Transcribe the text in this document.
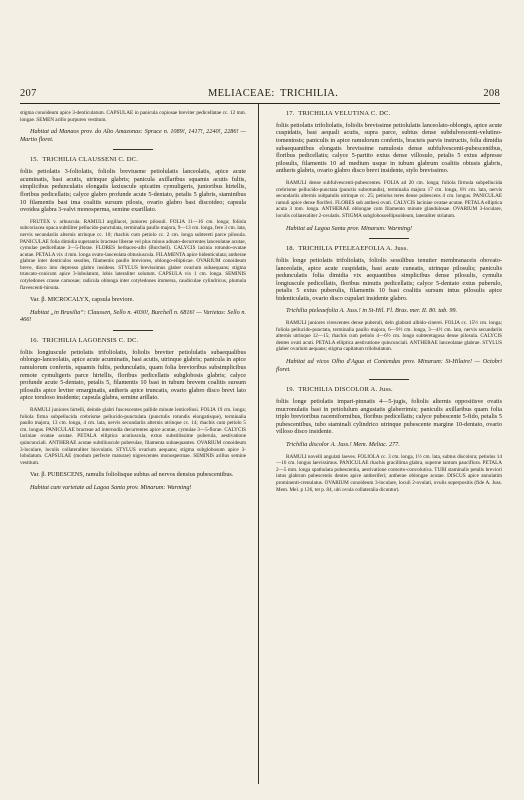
207	MELIACEAE: TRICHILIA.	208

stigma conoideum apice 3-denticulatum. CAPSULAE in panicula copiosae breviter pedicellatae cc. 12 mm. longae. SEMEN arillo purpureo vestitum.

Habitat ad Manaos prov. do Alto Amazonas: Spruce n. 1089!, 1417!, 2240!, 2286! — Martio floret.

15. TRICHILIA CLAUSSENI C. DC.

foliis petiolatis 3-foliolatis, foliolis breviusme petiolulatis lanceolatis, apice acute acuminatis, basi acutis, utrinque glabris; panicula axillaribus squamis acutis fultis, simplicibus pedunculatis elongatis laxiuscule spicatim cymuligeris, junioribus hirtellis, floribus pedicellatis; calyce glabro profunde acute 5-dentato, petalis 5 glabris, staminibus 10 filamentis basi ima coalitis sursum pilosis, ovario glabro basi discoideo; capsula ovoidea glabra 3-valvi monosperma, semine exarillato.

FRUTEX v. arbuscula. RAMULI argillacei, juniores pilosuli. FOLIA 11—16 cm. longa; foliola subcoriacea opaca subtiliter pellucido-punctulata, terminalia paullo majora, 9—13 cm. longa, fere 3 cm. lata, nervis secundariis alternis utrinque cc. 10; rhachis cum petiolo cc. 2 cm. longa subtereti parce pilosula. PANICULAE folia dimidia superantis bracteae liberae vel plus minus adnato-decurrentes lanceolatae acutae, cymulae pedicellatae 3—5-florae. FLORES herbaceo-albi (Burchell). CALYCIS lacinia rotundo-ovatae acutae. PETALA vix 4 mm. longa ovato-lanceolata obtusiuscula. FILAMENTA apice bidenticulata; antherae glabrae inter denticulos sessiles, filamentis paullo breviores, oblongo-ellipticae. OVARIUM conoideum breve, disco into depresso glabro insidens. STYLUS brevissimus glaber ovarium subaequans; stigma truncato-conicum apice 3-lobulatum, lobis lateraliter solutum. CAPSULA vix 1 cm. longa. SEMINIS cotyledones crasse carnosae; radicula oblonga inter cotyledones immersa, caudiculae cylindricus, plumula flavescenti-hirsuta.

Var. β. MICROCALYX, capsula breviore.

Habitat „in Brasilia“: Claussen, Sello n. 4030!, Burchell n. 6816! — Varietas: Sello n. 466!

16. TRICHILIA LAGOENSIS C. DC.

foliis longiuscule petiolatis trifoliolatis, foliolis breviter petiolulatis subaequalibus oblongo-lanceolatis, apice acute acuminatis, basi acutis, utrinque glabris; panicula in apice ramulorum confertis, squamis fultis, pedunculatis, quam folia brevioribus subsimplicibus remote cymuligeris parce hirtellis, floribus pedicellatis subglobosis glabris; calyce profunde acute 5-dentato, petalis 5, filamentis 10 basi in tubum brevem coalitis sursum pilosulis apice leviter emarginatis, antheris apice truncatis, ovario glabro disco brevi lato apice toruloso insidente; capsula glabra, semine arillato.

RAMULI juniores hirtelli, deinde glabri fuscescentes pallide minute lenticellosi. FOLIA 19 cm. longa; foliola firma subpellucida crebrisme pellucido-punctulata (punctulis rotundis elongatisque), terminalia paullo majora, 13 cm. longa, 4 cm. lata, nervis secundariis alternis utrinque cc. 14; rhachis cum petiolo 5 cm. longus. PANICULAE bracteae ad internodia decurrentes apice acutae, cymulae 3—5-florae. CALYCIS laciniae ovatae acutae. PETALA elliptica acutiuscula, extus substilissime puberula, aestivatione quincunciali. ANTHERAE acutae subtiliuscule puberulae, filamenta subaequantes. OVARIUM conoideum 3-loculare, loculis collateraliter biovulatis. STYLUS ovarium aequans; stigma subglobosum apice 3-lobulatum. CAPSULAE (modum perfecte maturae) nigrescentes monospermae. SEMINIS arillus semine vestitum.

Var. β. PUBESCENS, ramulis foliolisque subtus ad nervos densius pubescentibus.

Habitat cum varietate ad Lagoa Santa prov. Minarum: Warming!

17. TRICHILIA VELUTINA C. DC.

foliis petiolatis trifoliolatis, foliolis brevissime petiolulatis lanceolato-oblongis, apice acute cuspidatis, basi aequali acutis, supra parce, subtus dense subdulvescenti-velutino-tomentosis; paniculis in apice ramulorum confertis, bracteis parvis instructis, folia dimidia subaequantibus elongatis brevissime ramulosis dense subfulvescenti-pubescentibus, floribus pedicellatis; calyce 5-partito extus dense villosulo, petalis 5 extus adpresse pilosulis, filamentis 10 ad medium usque in tubum glabrum coalitis obtusis glabris, antheris glabris, ovario glabro disco brevi insidente, stylo brevissimo.

RAMULI dense subfulvescenti-pubescentes. FOLIA ad 20 cm. longa; foliola firmula subpellucida crebrisme pellucido-punctata (punctis subrotundis), terminalia majora 17 cm. longa, 6½ cm. lata, nervis secundariis alternis subpatulis utrinque cc. 25; petiolus teres dense pubescens 4 cm. longus. PANICULAE ramuli apice dense floriferi. FLORES sub anthesi ovati. CALYCIS laciniae ovatae acutae. PETALA elliptica acuta 3 mm. longa. ANTHERAE oblongae cum filamento minute glandulosae. OVARIUM 3-loculare, loculis collateraliter 2-ovulatis. STIGMA subglobosoellipsoideum, lateraliter striatum.

Habitat ad Lagoa Santa prov. Minarum: Warming!

18. TRICHILIA PTELEAEFOLIA A. Juss.

foliis longe petiolatis trifoliolatis, foliolis sessilibus tenuiter membranaceis obovato-lanceolatis, apice acute cuspidatis, basi acute cuneatis, utrinque pilosulis; paniculis pedunculatis folia dimidia vix aequantibus simplicibus dense pilosulis, cymulis longiuscule pedicellatis, floribus minutis pedicellatis; calyce 5-dentato extus puberulo, petalis 5 extus puberulis, filamentis 10 basi coalitis sursum intus pilosulis apice bidenticulatis, ovario disco cupulari insidente glabro.

Trichilia pteleaefolia A. Juss.! in St-Hil. Fl. Bras. mer. II. 80. tab. 99.

RAMULI juniores virescentes dense puberuli, deln glabrati albido-cinerei. FOLIA cc. 15½ cm. longa; foliola pellucido-punctata, terminalia paullo majora, 6—9½ cm. longa, 3—4½ cm. lata, nervis secundariis alternis utrinque 12—15; rhachis cum petiolo 4—6½ cm. longo subteretagosa dense pilosula. CALYCIS dentes ovati acuti. PETALA elliptica aestivatione quincunciali. ANTHERAE lanceolatae glabrae. STYLUS glaber ovarium aequans; stigma capitatum trilobulatum.

Habitat ad vicos Olho d'Agua et Contendas prov. Minarum: St-Hilaire! — Octobri floret.

19. TRICHILIA DISCOLOR A. Juss.

foliis longe petiolatis impari-pinnatis 4—5-jugis, foliolis alternis oppositisve ovatis mucronulatis basi in petiolulum angustatis glaberrimis; paniculis axillaribus quam folia triplo brevioribus racemiformibus, floribus pedicellatis; calyce pubescente 5-fido, petalis 5 pubescentibus, tubo staminali cylindrico utrinque pubescente margine 10-dentato, ovario villoso disco insidente.

Trichilia discolor A. Juss.! Mem. Meliac. 277.

RAMULI novelli angulati laeves. FOLIOLA cc. 3 cm. longa, 1½ cm. lata, subtus discolora; petiolus 14—16 cm. longus laevissimus. PANICULAE rhachis gracillima glabra, superne tantum pauciflora. PETALA 2—5 mm. longa spathulata pubescentia, aestivatione contorto-convolutiva. TUBI staminalis petalis breviori intus glabrum pubescentis dentes apice antheriferi; antherae oblongae acutae. DISCUS apice annulatim prominenti-crenulatus. OVARIUM conoideum 3-loculare, loculi 2-ovulati, ovulis superpositis (fide A. Juss. Mem. Mel. p 126, tet p. 84, ubi ovula collateralia dicuntur).
